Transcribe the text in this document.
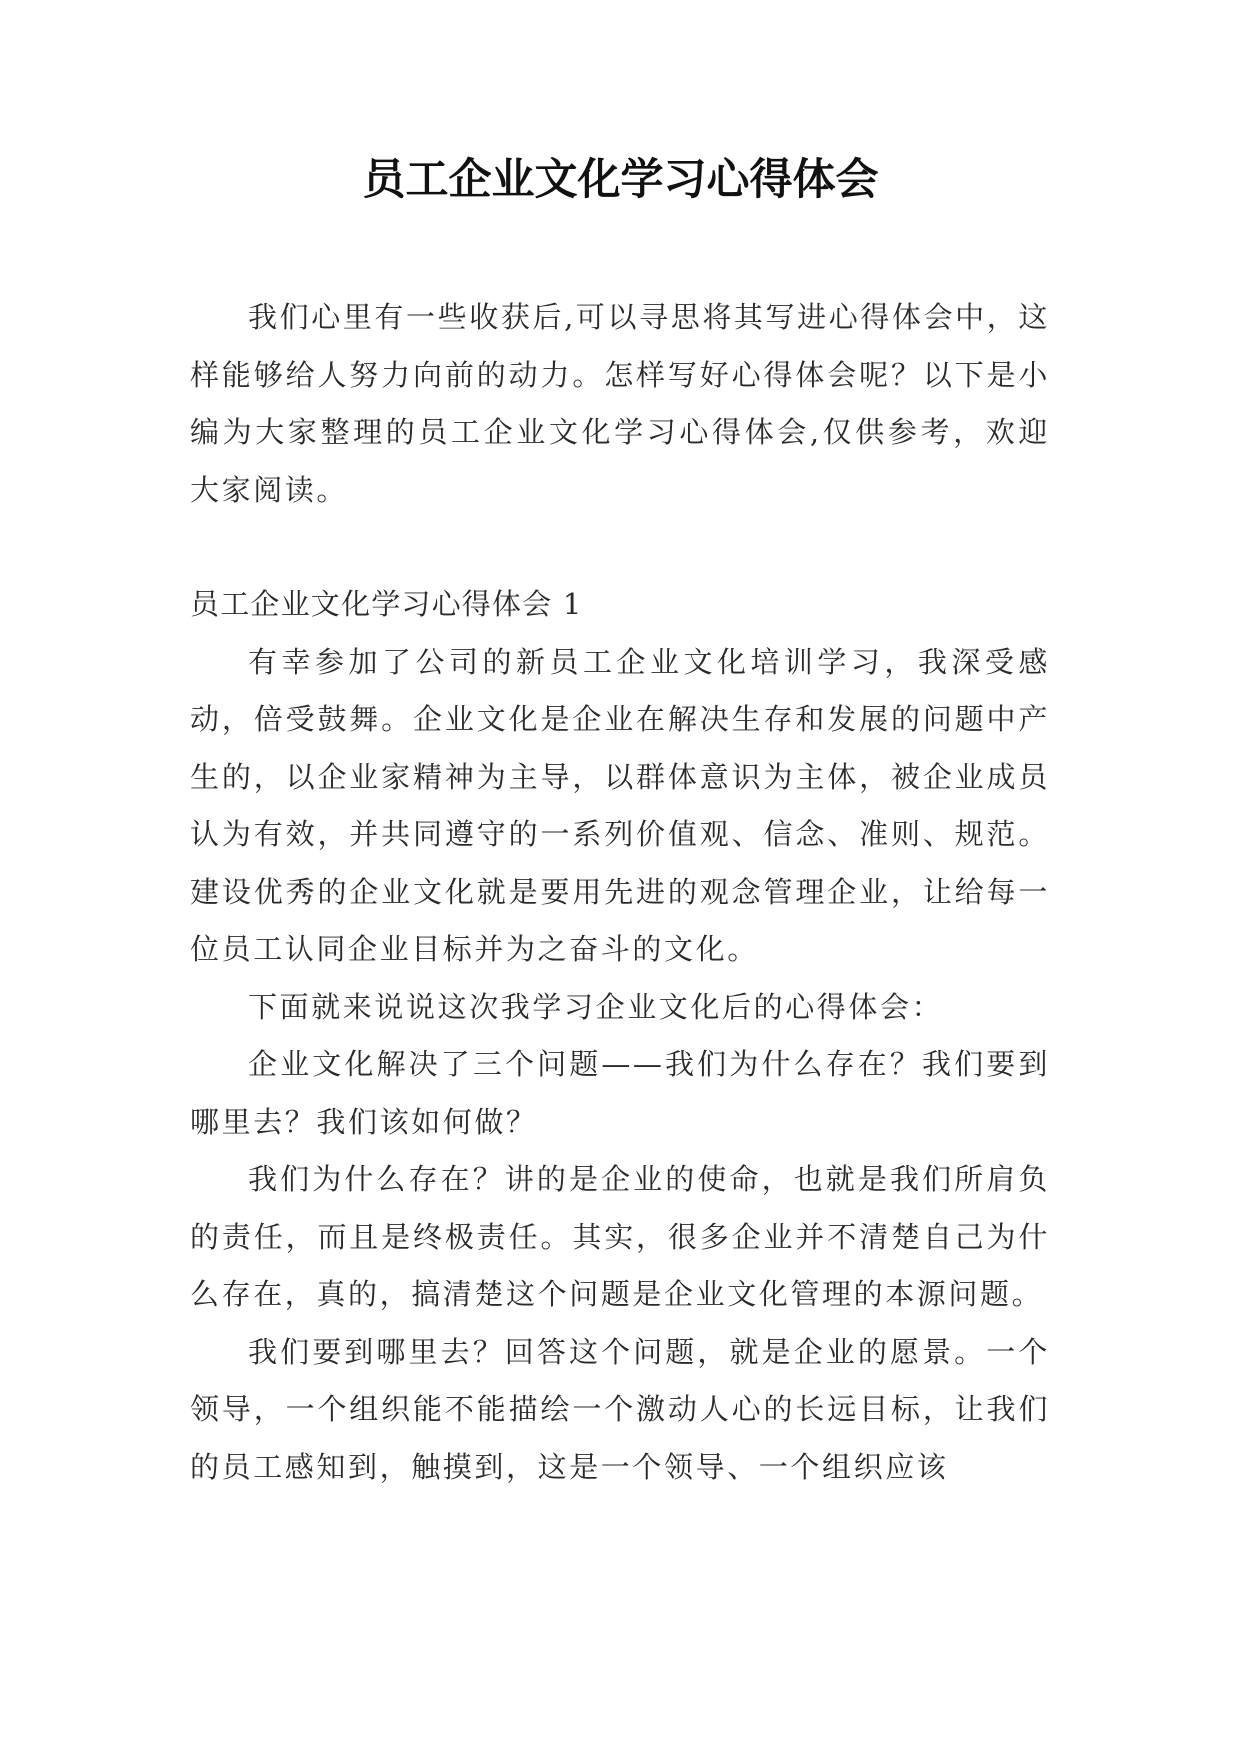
员工企业文化学习心得体会

我们心里有一些收获后,可以寻思将其写进心得体会中，这样能够给人努力向前的动力。怎样写好心得体会呢？以下是小编为大家整理的员工企业文化学习心得体会,仅供参考，欢迎大家阅读。

员工企业文化学习心得体会 1

有幸参加了公司的新员工企业文化培训学习，我深受感动，倍受鼓舞。企业文化是企业在解决生存和发展的问题中产生的，以企业家精神为主导，以群体意识为主体，被企业成员认为有效，并共同遵守的一系列价值观、信念、准则、规范。建设优秀的企业文化就是要用先进的观念管理企业，让给每一位员工认同企业目标并为之奋斗的文化。

下面就来说说这次我学习企业文化后的心得体会：

企业文化解决了三个问题——我们为什么存在？我们要到哪里去？我们该如何做？

我们为什么存在？讲的是企业的使命，也就是我们所肩负的责任，而且是终极责任。其实，很多企业并不清楚自己为什么存在，真的，搞清楚这个问题是企业文化管理的本源问题。

我们要到哪里去？回答这个问题，就是企业的愿景。一个领导，一个组织能不能描绘一个激动人心的长远目标，让我们的员工感知到，触摸到，这是一个领导、一个组织应该
